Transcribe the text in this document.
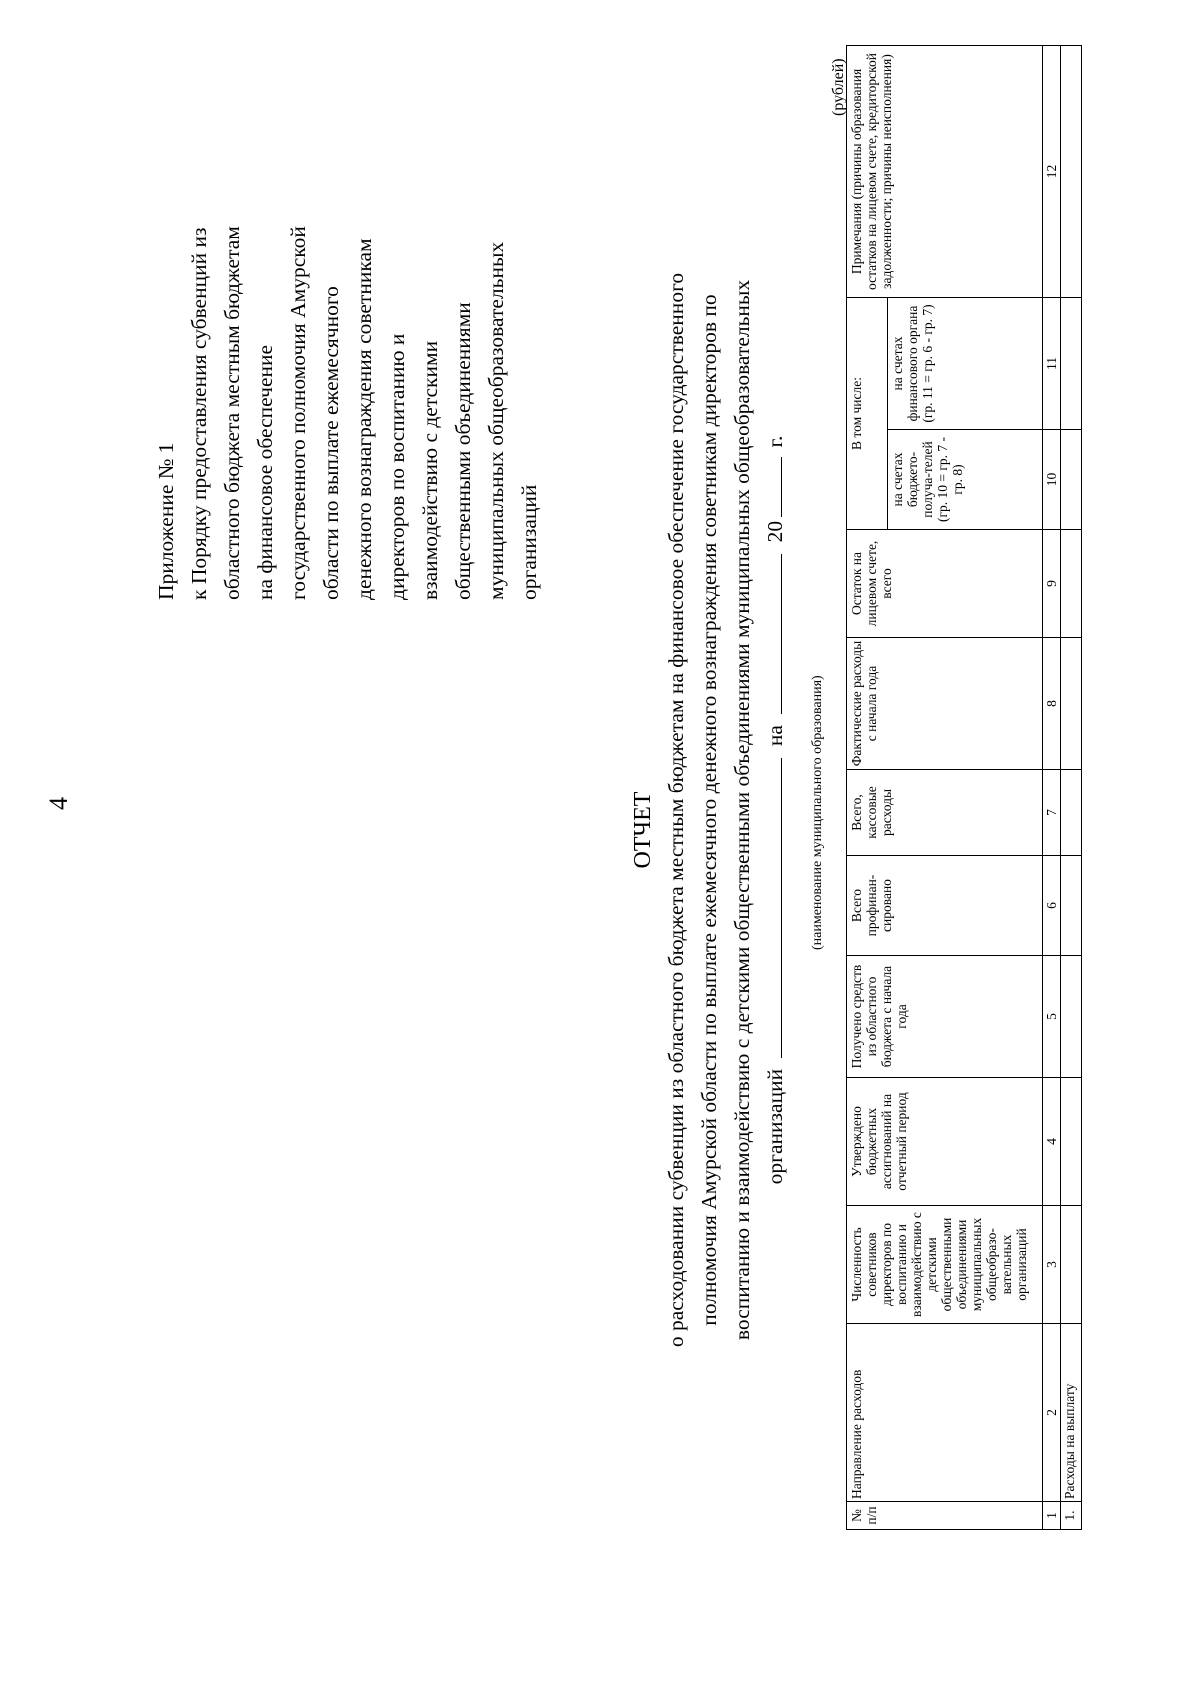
4
Приложение № 1 к Порядку предоставления субвенций из областного бюджета местным бюджетам на финансовое обеспечение государственного полномочия Амурской области по выплате ежемесячного денежного вознаграждения советникам директоров по воспитанию и взаимодействию с детскими общественными объединениями муниципальных общеобразовательных организаций
ОТЧЕТ о расходовании субвенции из областного бюджета местным бюджетам на финансовое обеспечение государственного полномочия Амурской области по выплате ежемесячного денежного вознаграждения советникам директоров по воспитанию и взаимодействию с детскими общественными объединениями муниципальных общеобразовательных организаций  на  20 г.
(наименование муниципального образования)
(рублей)
№ п/п	Направление расходов	Численность советников директоров по воспитанию и взаимодействию с детскими общественными объединениями муниципальных общеобразо-вательных организаций	Утверждено бюджетных ассигнований на отчетный период	Получено средств из областного бюджета с начала года	Всего профинан-сировано	Всего, кассовые расходы	Фактические расходы с начала года	Остаток на лицевом счете, всего	В том числе:		Примечания (причины образования остатков на лицевом счете, кредиторской задолженности; причины неисполнения)
									на счетах бюджето-получа-телей (гр. 10 = гр. 7 - гр. 8)	на счетах финансового органа (гр. 11 = гр. 6 - гр. 7)	
1	2	3	4	5	6	7	8	9	10	11	12
1.	Расходы на выплату										
